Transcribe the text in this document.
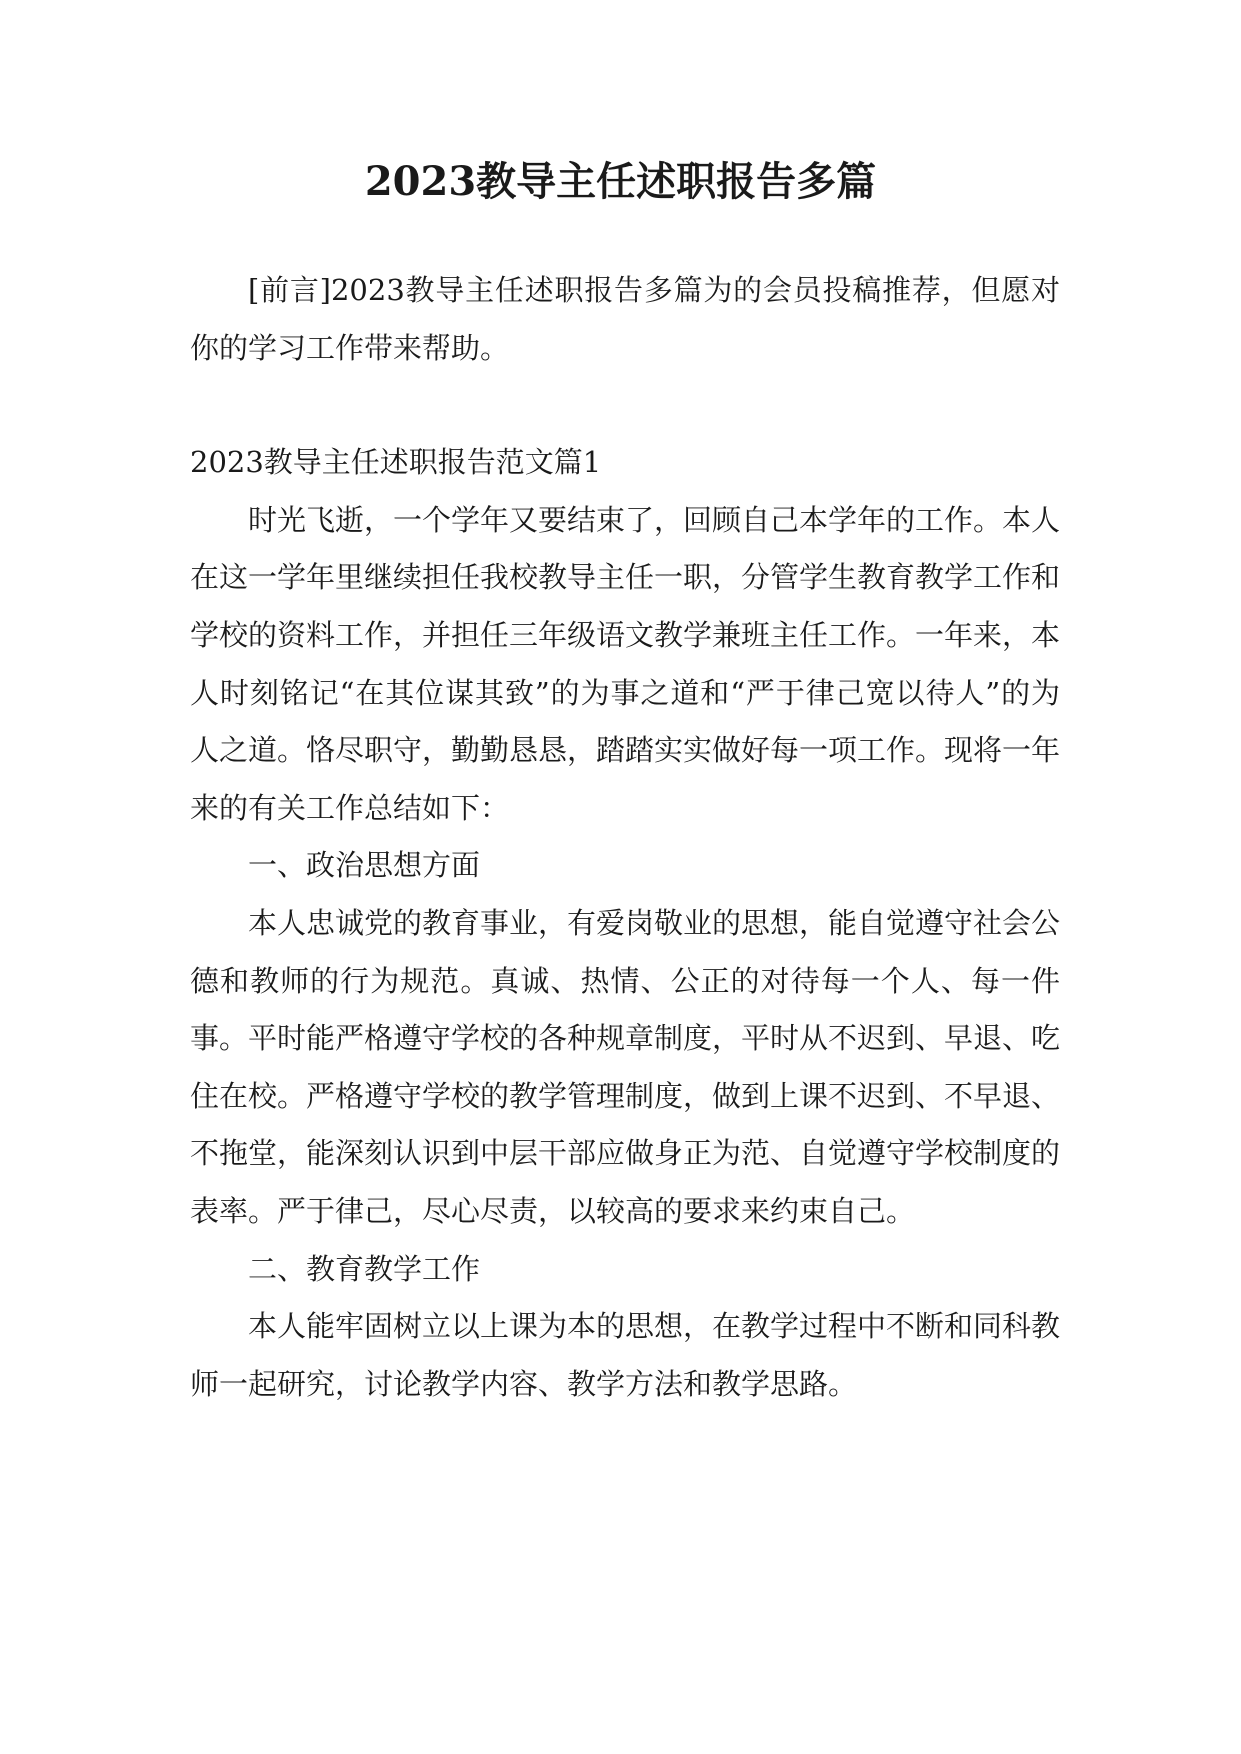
2023教导主任述职报告多篇

[前言]2023教导主任述职报告多篇为的会员投稿推荐，但愿对你的学习工作带来帮助。

2023教导主任述职报告范文篇1

时光飞逝，一个学年又要结束了，回顾自己本学年的工作。本人在这一学年里继续担任我校教导主任一职，分管学生教育教学工作和学校的资料工作，并担任三年级语文教学兼班主任工作。一年来，本人时刻铭记“在其位谋其致”的为事之道和“严于律己宽以待人”的为人之道。恪尽职守，勤勤恳恳，踏踏实实做好每一项工作。现将一年来的有关工作总结如下：

一、政治思想方面

本人忠诚党的教育事业，有爱岗敬业的思想，能自觉遵守社会公德和教师的行为规范。真诚、热情、公正的对待每一个人、每一件事。平时能严格遵守学校的各种规章制度，平时从不迟到、早退、吃住在校。严格遵守学校的教学管理制度，做到上课不迟到、不早退、不拖堂，能深刻认识到中层干部应做身正为范、自觉遵守学校制度的表率。严于律己，尽心尽责，以较高的要求来约束自己。

二、教育教学工作

本人能牢固树立以上课为本的思想，在教学过程中不断和同科教师一起研究，讨论教学内容、教学方法和教学思路。
